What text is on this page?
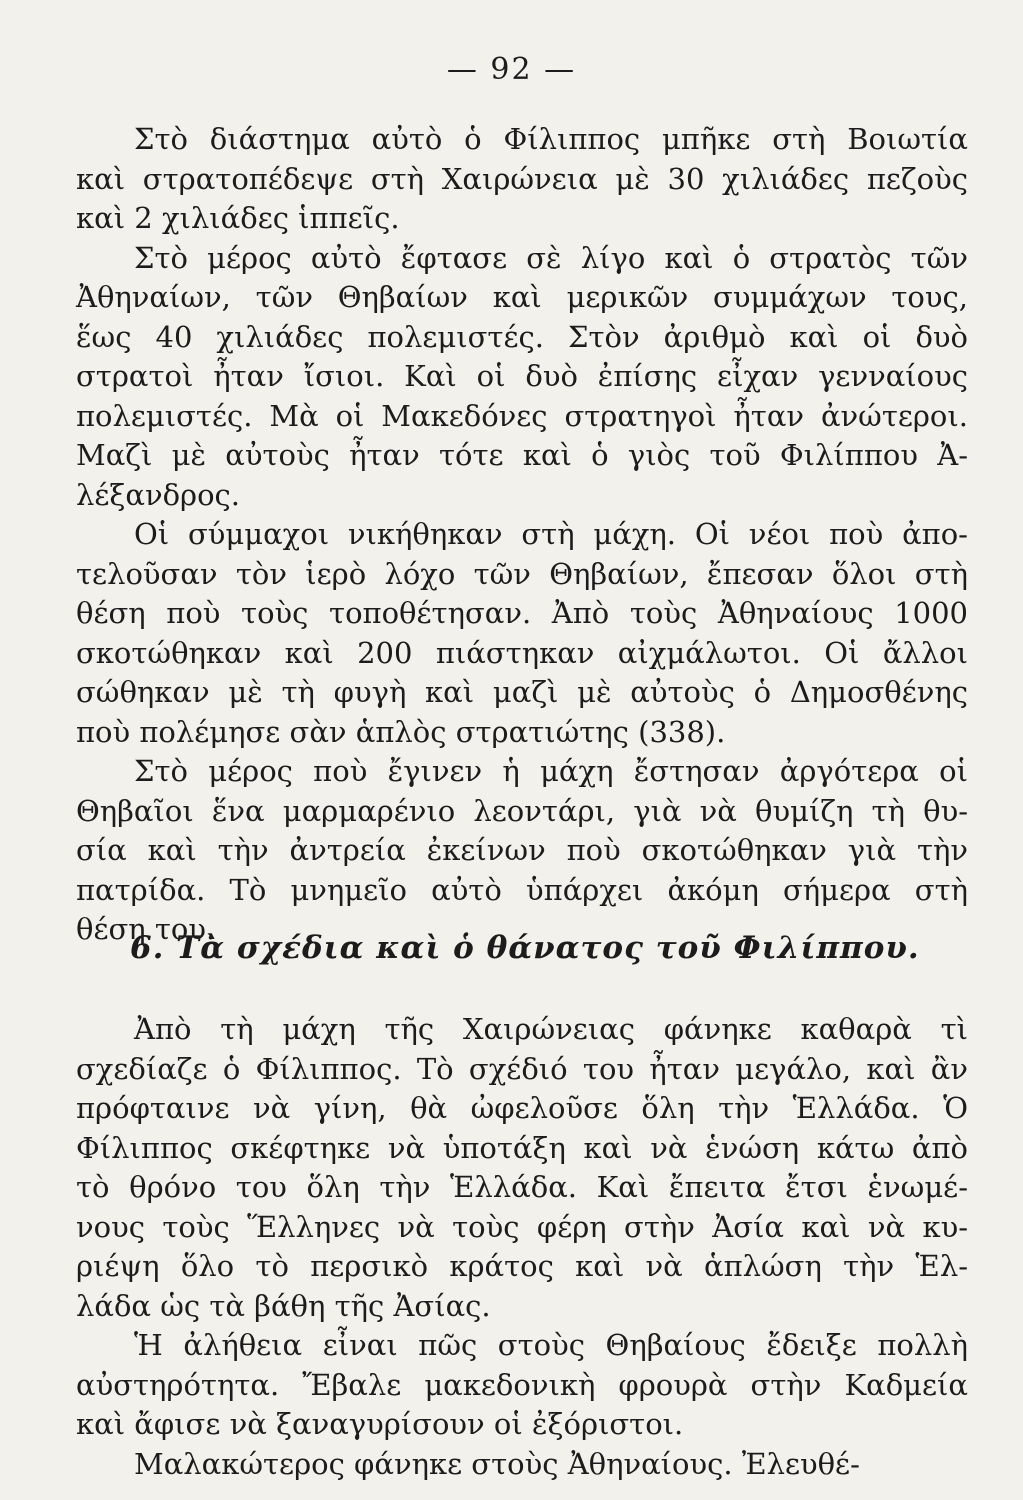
— 92 —

Στὸ διάστημα αὐτὸ ὁ Φίλιππος μπῆκε στὴ Βοιωτία
καὶ στρατοπέδεψε στὴ Χαιρώνεια μὲ 30 χιλιάδες πεζοὺς
καὶ 2 χιλιάδες ἱππεῖς.

Στὸ μέρος αὐτὸ ἔφτασε σὲ λίγο καὶ ὁ στρατὸς τῶν
Ἀθηναίων, τῶν Θηβαίων καὶ μερικῶν συμμάχων τους,
ἕως 40 χιλιάδες πολεμιστές. Στὸν ἀριθμὸ καὶ οἱ δυὸ
στρατοὶ ἦταν ἴσιοι. Καὶ οἱ δυὸ ἐπίσης εἶχαν γενναίους
πολεμιστές. Μὰ οἱ Μακεδόνες στρατηγοὶ ἦταν ἀνώτεροι.
Μαζὶ μὲ αὐτοὺς ἦταν τότε καὶ ὁ γιὸς τοῦ Φιλίππου Ἀ-
λέξανδρος.

Οἱ σύμμαχοι νικήθηκαν στὴ μάχη. Οἱ νέοι ποὺ ἀπο-
τελοῦσαν τὸν ἱερὸ λόχο τῶν Θηβαίων, ἔπεσαν ὅλοι στὴ
θέση ποὺ τοὺς τοποθέτησαν. Ἀπὸ τοὺς Ἀθηναίους 1000
σκοτώθηκαν καὶ 200 πιάστηκαν αἰχμάλωτοι. Οἱ ἄλλοι
σώθηκαν μὲ τὴ φυγὴ καὶ μαζὶ μὲ αὐτοὺς ὁ Δημοσθένης
ποὺ πολέμησε σὰν ἁπλὸς στρατιώτης (338).

Στὸ μέρος ποὺ ἔγινεν ἡ μάχη ἔστησαν ἀργότερα οἱ
Θηβαῖοι ἕνα μαρμαρένιο λεοντάρι, γιὰ νὰ θυμίζη τὴ θυ-
σία καὶ τὴν ἀντρεία ἐκείνων ποὺ σκοτώθηκαν γιὰ τὴν
πατρίδα. Τὸ μνημεῖο αὐτὸ ὑπάρχει ἀκόμη σήμερα στὴ
θέση του.

6. Τὰ σχέδια καὶ ὁ θάνατος τοῦ Φιλίππου.

Ἀπὸ τὴ μάχη τῆς Χαιρώνειας φάνηκε καθαρὰ τὶ
σχεδίαζε ὁ Φίλιππος. Τὸ σχέδιό του ἦταν μεγάλο, καὶ ἂν
πρόφταινε νὰ γίνη, θὰ ὠφελοῦσε ὅλη τὴν Ἑλλάδα. Ὁ
Φίλιππος σκέφτηκε νὰ ὑποτάξη καὶ νὰ ἑνώση κάτω ἀπὸ
τὸ θρόνο του ὅλη τὴν Ἑλλάδα. Καὶ ἔπειτα ἔτσι ἑνωμέ-
νους τοὺς Ἕλληνες νὰ τοὺς φέρη στὴν Ἀσία καὶ νὰ κυ-
ριέψη ὅλο τὸ περσικὸ κράτος καὶ νὰ ἁπλώση τὴν Ἑλ-
λάδα ὡς τὰ βάθη τῆς Ἀσίας.

Ἡ ἀλήθεια εἶναι πῶς στοὺς Θηβαίους ἔδειξε πολλὴ
αὐστηρότητα. Ἔβαλε μακεδονικὴ φρουρὰ στὴν Καδμεία
καὶ ἄφισε νὰ ξαναγυρίσουν οἱ ἐξόριστοι.

Μαλακώτερος φάνηκε στοὺς Ἀθηναίους. Ἐλευθέ-
